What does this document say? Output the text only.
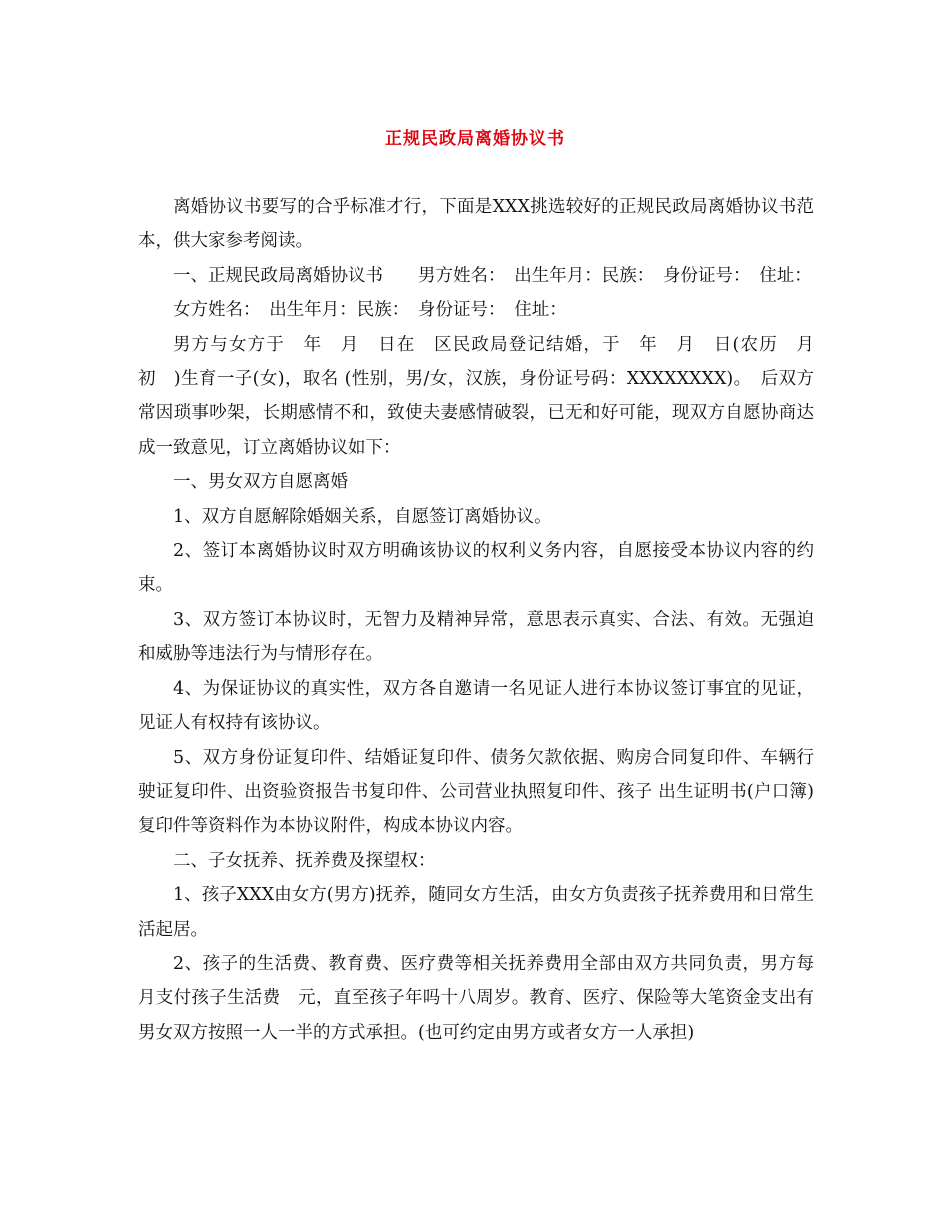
正规民政局离婚协议书

离婚协议书要写的合乎标准才行，下面是XXX挑选较好的正规民政局离婚协议书范本，供大家参考阅读。

一、正规民政局离婚协议书　　男方姓名：　出生年月：民族：　身份证号：　住址：

女方姓名：　出生年月：民族：　身份证号：　住址：

男方与女方于　年　月　日在　区民政局登记结婚，于　年　月　日(农历　月初　)生育一子(女)，取名 (性别，男/女，汉族，身份证号码：XXXXXXXX)。　后双方常因琐事吵架，长期感情不和，致使夫妻感情破裂，已无和好可能，现双方自愿协商达成一致意见，订立离婚协议如下：

一、男女双方自愿离婚

1、双方自愿解除婚姻关系，自愿签订离婚协议。

2、签订本离婚协议时双方明确该协议的权利义务内容，自愿接受本协议内容的约束。

3、双方签订本协议时，无智力及精神异常，意思表示真实、合法、有效。无强迫和威胁等违法行为与情形存在。

4、为保证协议的真实性，双方各自邀请一名见证人进行本协议签订事宜的见证，见证人有权持有该协议。

5、双方身份证复印件、结婚证复印件、债务欠款依据、购房合同复印件、车辆行驶证复印件、出资验资报告书复印件、公司营业执照复印件、孩子 出生证明书(户口簿)复印件等资料作为本协议附件，构成本协议内容。

二、子女抚养、抚养费及探望权：

1、孩子XXX由女方(男方)抚养，随同女方生活，由女方负责孩子抚养费用和日常生活起居。

2、孩子的生活费、教育费、医疗费等相关抚养费用全部由双方共同负责，男方每月支付孩子生活费　元，直至孩子年吗十八周岁。教育、医疗、保险等大笔资金支出有男女双方按照一人一半的方式承担。(也可约定由男方或者女方一人承担)
